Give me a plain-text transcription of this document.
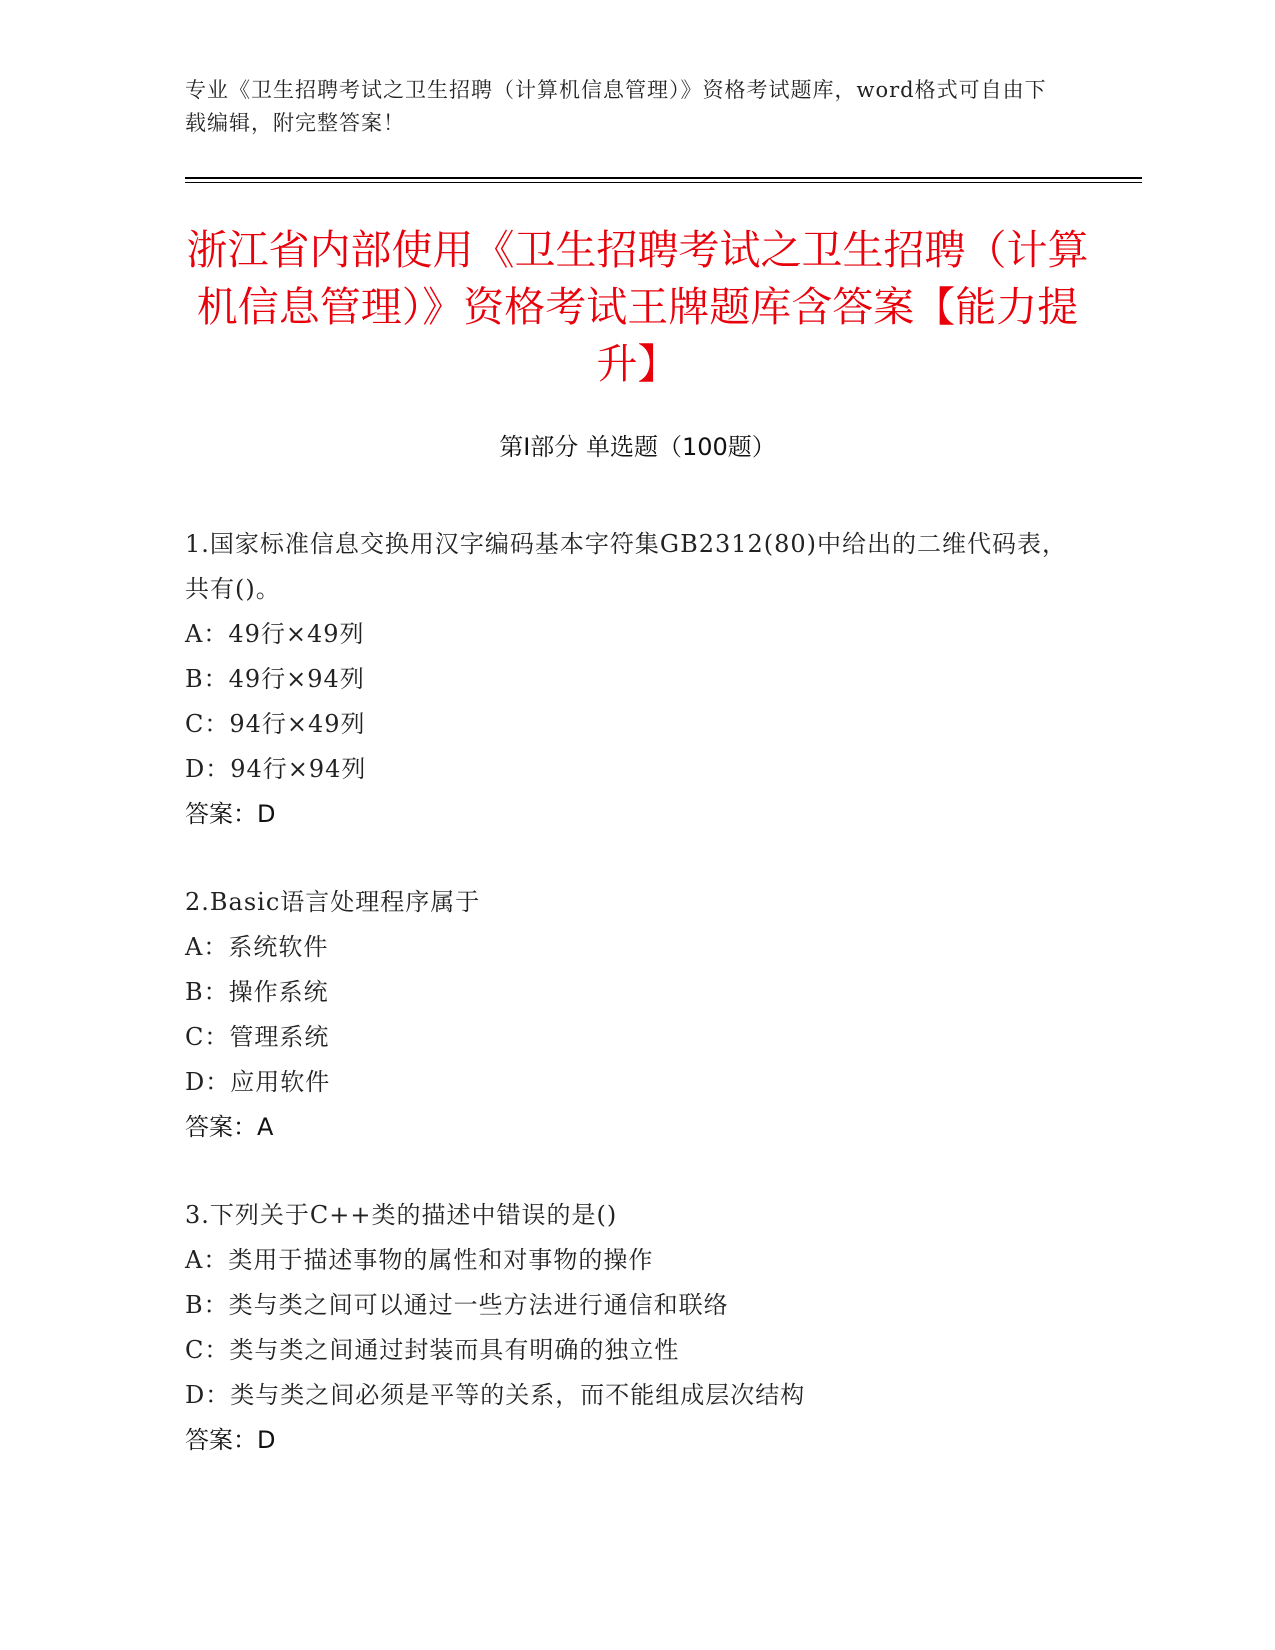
专业《卫生招聘考试之卫生招聘（计算机信息管理）》资格考试题库，word格式可自由下载编辑，附完整答案！
浙江省内部使用《卫生招聘考试之卫生招聘（计算机信息管理）》资格考试王牌题库含答案【能力提升】
第Ⅰ部分 单选题（100题）

1.国家标准信息交换用汉字编码基本字符集GB2312(80)中给出的二维代码表，共有()。

A：49行×49列

B：49行×94列

C：94行×49列

D：94行×94列

答案：D

2.Basic语言处理程序属于

A：系统软件

B：操作系统

C：管理系统

D：应用软件

答案：A

3.下列关于C++类的描述中错误的是()

A：类用于描述事物的属性和对事物的操作

B：类与类之间可以通过一些方法进行通信和联络

C：类与类之间通过封装而具有明确的独立性

D：类与类之间必须是平等的关系，而不能组成层次结构

答案：D
